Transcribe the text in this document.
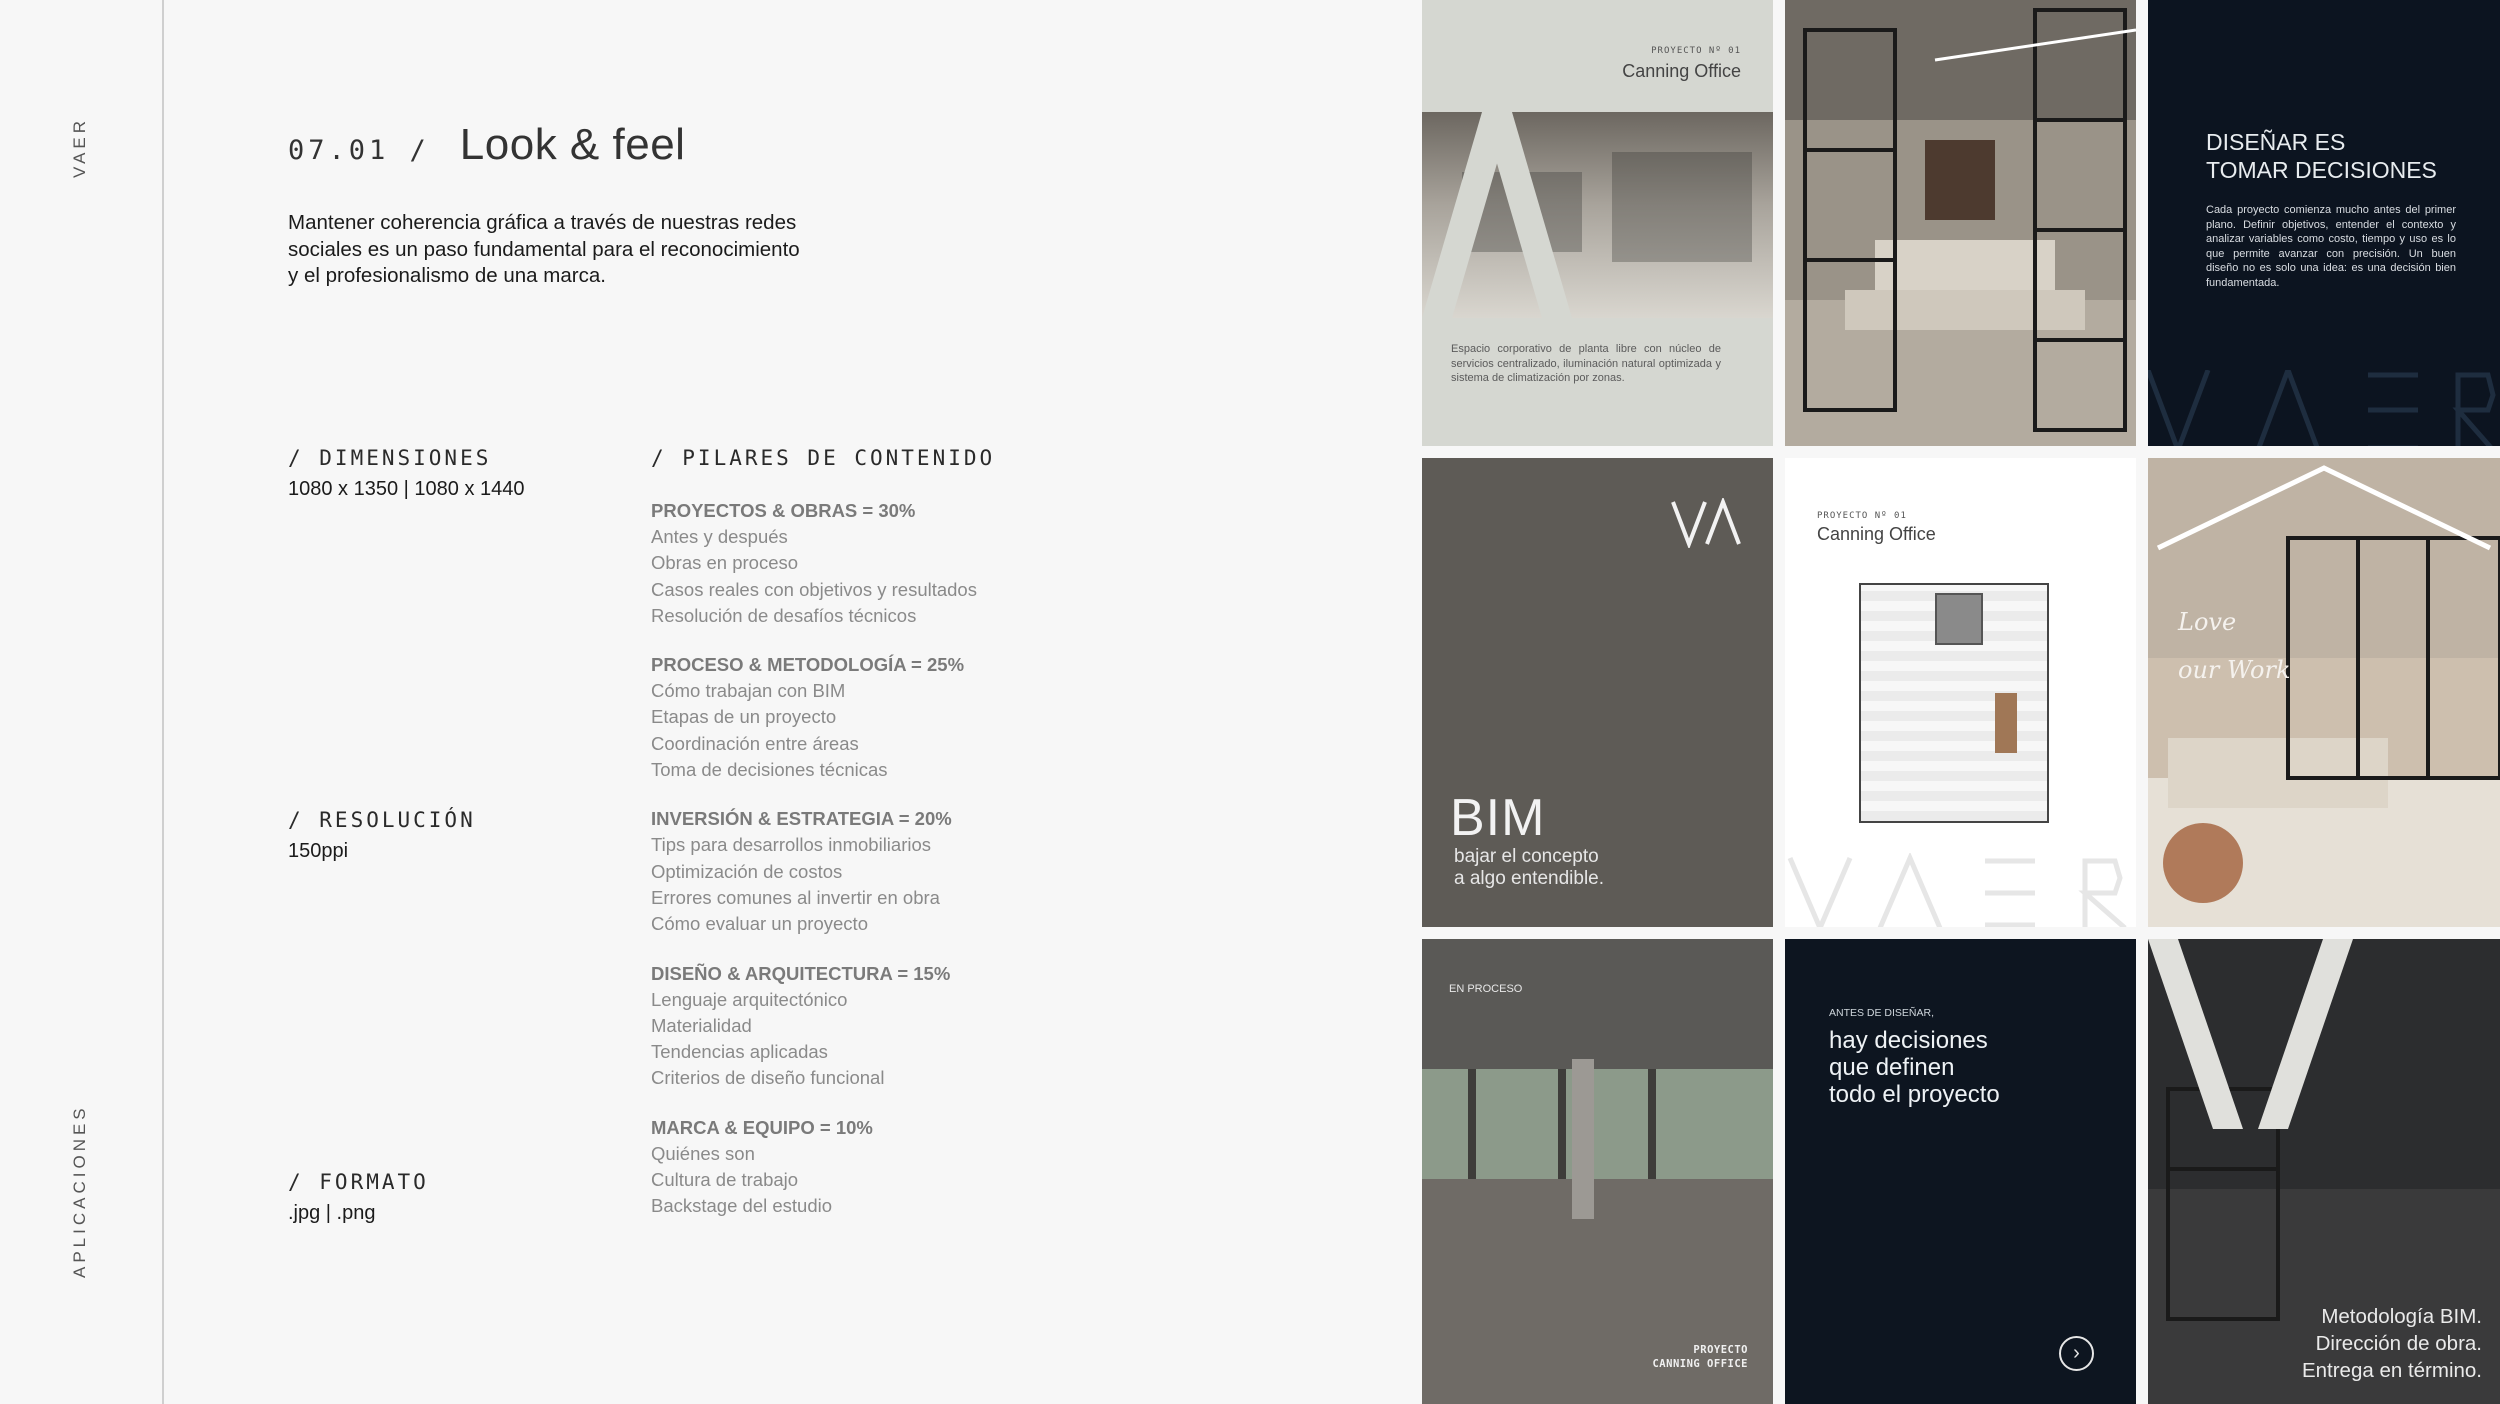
VAER
APLICACIONES
07.01 / Look & feel

Mantener coherencia gráfica a través de nuestras redes sociales es un paso fundamental para el reconocimiento y el profesionalismo de una marca.

/ DIMENSIONES
1080 x 1350 | 1080 x 1440
/ RESOLUCIÓN
150ppi
/ FORMATO
.jpg | .png
/ PILARES DE CONTENIDO
PROYECTOS & OBRAS = 30%
Antes y después
Obras en proceso
Casos reales con objetivos y resultados
Resolución de desafíos técnicos
PROCESO & METODOLOGÍA = 25%
Cómo trabajan con BIM
Etapas de un proyecto
Coordinación entre áreas
Toma de decisiones técnicas
INVERSIÓN & ESTRATEGIA = 20%
Tips para desarrollos inmobiliarios
Optimización de costos
Errores comunes al invertir en obra
Cómo evaluar un proyecto
DISEÑO & ARQUITECTURA = 15%
Lenguaje arquitectónico
Materialidad
Tendencias aplicadas
Criterios de diseño funcional
MARCA & EQUIPO = 10%
Quiénes son
Cultura de trabajo
Backstage del estudio
PROYECTO Nº 01
Canning Office

Espacio corporativo de planta libre con núcleo de servicios centralizado, iluminación natural optimizada y sistema de climatización por zonas.

DISEÑAR ES
TOMAR DECISIONES

Cada proyecto comienza mucho antes del primer plano. Definir objetivos, entender el contexto y analizar variables como costo, tiempo y uso es lo que permite avanzar con precisión. Un buen diseño no es solo una idea: es una decisión bien fundamentada.

BIM
bajar el concepto
a algo entendible.
PROYECTO Nº 01
Canning Office
Love
our Work
EN PROCESO
PROYECTO
CANNING OFFICE
ANTES DE DISEÑAR,
hay decisiones
que definen
todo el proyecto
›
Metodología BIM.
Dirección de obra.
Entrega en término.
